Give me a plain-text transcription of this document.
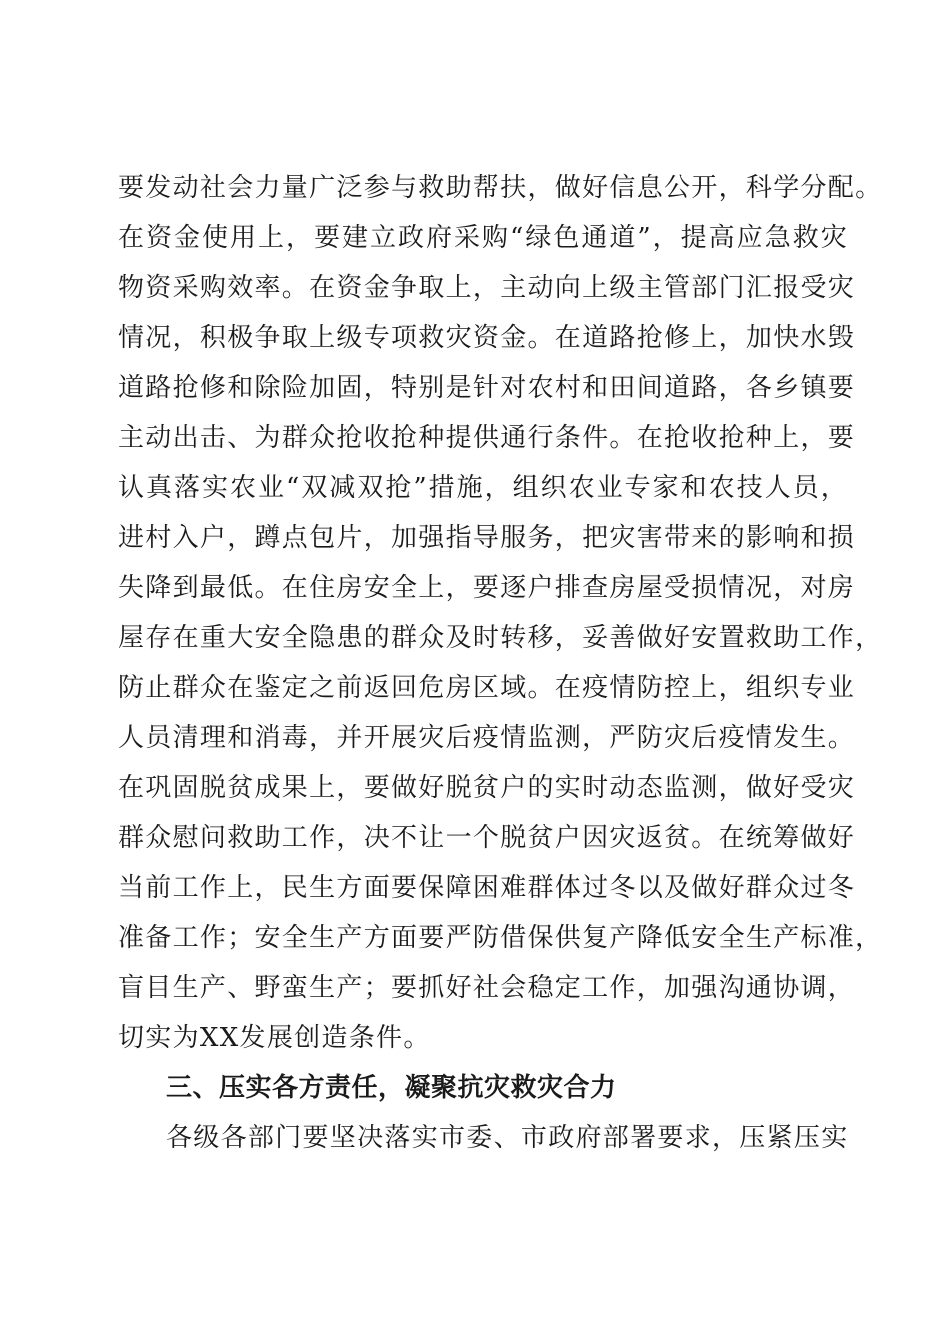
要发动社会力量广泛参与救助帮扶，做好信息公开，科学分配。
在资金使用上，要建立政府采购“绿色通道”，提高应急救灾
物资采购效率。在资金争取上，主动向上级主管部门汇报受灾
情况，积极争取上级专项救灾资金。在道路抢修上，加快水毁
道路抢修和除险加固，特别是针对农村和田间道路，各乡镇要
主动出击、为群众抢收抢种提供通行条件。在抢收抢种上，要
认真落实农业“双减双抢”措施，组织农业专家和农技人员，
进村入户，蹲点包片，加强指导服务，把灾害带来的影响和损
失降到最低。在住房安全上，要逐户排查房屋受损情况，对房
屋存在重大安全隐患的群众及时转移，妥善做好安置救助工作，
防止群众在鉴定之前返回危房区域。在疫情防控上，组织专业
人员清理和消毒，并开展灾后疫情监测，严防灾后疫情发生。
在巩固脱贫成果上，要做好脱贫户的实时动态监测，做好受灾
群众慰问救助工作，决不让一个脱贫户因灾返贫。在统筹做好
当前工作上，民生方面要保障困难群体过冬以及做好群众过冬
准备工作；安全生产方面要严防借保供复产降低安全生产标准，
盲目生产、野蛮生产；要抓好社会稳定工作，加强沟通协调，
切实为XX发展创造条件。
三、压实各方责任，凝聚抗灾救灾合力
各级各部门要坚决落实市委、市政府部署要求，压紧压实
